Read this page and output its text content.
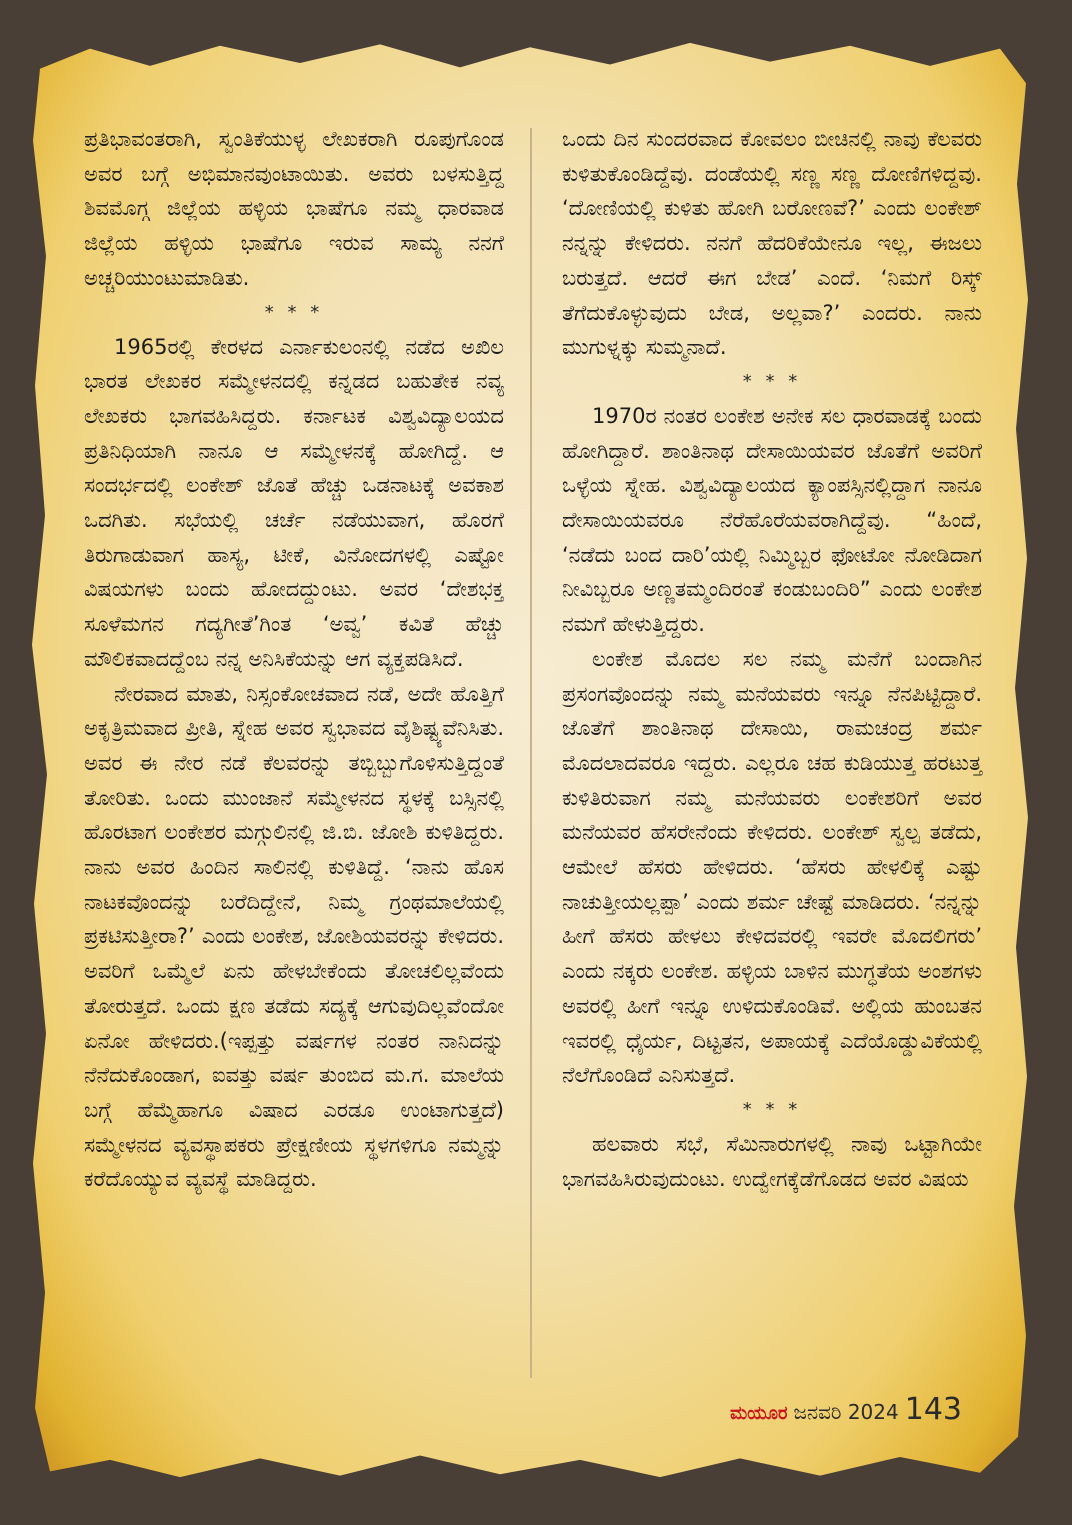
ಪ್ರತಿಭಾವಂತರಾಗಿ, ಸ್ವಂತಿಕೆಯುಳ್ಳ ಲೇಖಕರಾಗಿ ರೂಪುಗೊಂಡ ಅವರ ಬಗ್ಗೆ ಅಭಿಮಾನವುಂಟಾಯಿತು. ಅವರು ಬಳಸುತ್ತಿದ್ದ ಶಿವಮೊಗ್ಗ ಜಿಲ್ಲೆಯ ಹಳ್ಳಿಯ ಭಾಷೆಗೂ ನಮ್ಮ ಧಾರವಾಡ ಜಿಲ್ಲೆಯ ಹಳ್ಳಿಯ ಭಾಷೆಗೂ ಇರುವ ಸಾಮ್ಯ ನನಗೆ ಅಚ್ಚರಿಯುಂಟುಮಾಡಿತು.

* * *

1965ರಲ್ಲಿ ಕೇರಳದ ಎರ್ನಾಕುಲಂನಲ್ಲಿ ನಡೆದ ಅಖಿಲ ಭಾರತ ಲೇಖಕರ ಸಮ್ಮೇಳನದಲ್ಲಿ ಕನ್ನಡದ ಬಹುತೇಕ ನವ್ಯ ಲೇಖಕರು ಭಾಗವಹಿಸಿದ್ದರು. ಕರ್ನಾಟಕ ವಿಶ್ವವಿದ್ಯಾಲಯದ ಪ್ರತಿನಿಧಿಯಾಗಿ ನಾನೂ ಆ ಸಮ್ಮೇಳನಕ್ಕೆ ಹೋಗಿದ್ದೆ. ಆ ಸಂದರ್ಭದಲ್ಲಿ ಲಂಕೇಶ್ ಜೊತೆ ಹೆಚ್ಚು ಒಡನಾಟಕ್ಕೆ ಅವಕಾಶ ಒದಗಿತು. ಸಭೆಯಲ್ಲಿ ಚರ್ಚೆ ನಡೆಯುವಾಗ, ಹೊರಗೆ ತಿರುಗಾಡುವಾಗ ಹಾಸ್ಯ, ಟೀಕೆ, ವಿನೋದಗಳಲ್ಲಿ ಎಷ್ಟೋ ವಿಷಯಗಳು ಬಂದು ಹೋದದ್ದುಂಟು. ಅವರ ‘ದೇಶಭಕ್ತ ಸೂಳೆಮಗನ ಗದ್ಯಗೀತೆ’ಗಿಂತ ‘ಅವ್ವ’ ಕವಿತೆ ಹೆಚ್ಚು ಮೌಲಿಕವಾದದ್ದೆಂಬ ನನ್ನ ಅನಿಸಿಕೆಯನ್ನು ಆಗ ವ್ಯಕ್ತಪಡಿಸಿದೆ.

ನೇರವಾದ ಮಾತು, ನಿಸ್ಸಂಕೋಚವಾದ ನಡೆ, ಅದೇ ಹೊತ್ತಿಗೆ ಅಕೃತ್ರಿಮವಾದ ಪ್ರೀತಿ, ಸ್ನೇಹ ಅವರ ಸ್ವಭಾವದ ವೈಶಿಷ್ಟ್ಯವೆನಿಸಿತು. ಅವರ ಈ ನೇರ ನಡೆ ಕೆಲವರನ್ನು ತಬ್ಬಿಬ್ಬುಗೊಳಿಸುತ್ತಿದ್ದಂತೆ ತೋರಿತು. ಒಂದು ಮುಂಜಾನೆ ಸಮ್ಮೇಳನದ ಸ್ಥಳಕ್ಕೆ ಬಸ್ಸಿನಲ್ಲಿ ಹೊರಟಾಗ ಲಂಕೇಶರ ಮಗ್ಗುಲಿನಲ್ಲಿ ಜಿ.ಬಿ. ಜೋಶಿ ಕುಳಿತಿದ್ದರು. ನಾನು ಅವರ ಹಿಂದಿನ ಸಾಲಿನಲ್ಲಿ ಕುಳಿತಿದ್ದೆ. ‘ನಾನು ಹೊಸ ನಾಟಕವೊಂದನ್ನು ಬರೆದಿದ್ದೇನೆ, ನಿಮ್ಮ ಗ್ರಂಥಮಾಲೆಯಲ್ಲಿ ಪ್ರಕಟಿಸುತ್ತೀರಾ?’ ಎಂದು ಲಂಕೇಶ, ಜೋಶಿಯವರನ್ನು ಕೇಳಿದರು. ಅವರಿಗೆ ಒಮ್ಮೆಲೆ ಏನು ಹೇಳಬೇಕೆಂದು ತೋಚಲಿಲ್ಲವೆಂದು ತೋರುತ್ತದೆ. ಒಂದು ಕ್ಷಣ ತಡೆದು ಸದ್ಯಕ್ಕೆ ಆಗುವುದಿಲ್ಲವೆಂದೋ ಏನೋ ಹೇಳಿದರು.(ಇಪ್ಪತ್ತು ವರ್ಷಗಳ ನಂತರ ನಾನಿದನ್ನು ನೆನೆದುಕೊಂಡಾಗ, ಐವತ್ತು ವರ್ಷ ತುಂಬಿದ ಮ.ಗ. ಮಾಲೆಯ ಬಗ್ಗೆ ಹೆಮ್ಮೆಹಾಗೂ ವಿಷಾದ ಎರಡೂ ಉಂಟಾಗುತ್ತದೆ) ಸಮ್ಮೇಳನದ ವ್ಯವಸ್ಥಾಪಕರು ಪ್ರೇಕ್ಷಣೀಯ ಸ್ಥಳಗಳಿಗೂ ನಮ್ಮನ್ನು ಕರೆದೊಯ್ಯುವ ವ್ಯವಸ್ಥೆ ಮಾಡಿದ್ದರು.

ಒಂದು ದಿನ ಸುಂದರವಾದ ಕೋವಲಂ ಬೀಚಿನಲ್ಲಿ ನಾವು ಕೆಲವರು ಕುಳಿತುಕೊಂಡಿದ್ದೆವು. ದಂಡೆಯಲ್ಲಿ ಸಣ್ಣ ಸಣ್ಣ ದೋಣಿಗಳಿದ್ದವು. ‘ದೋಣಿಯಲ್ಲಿ ಕುಳಿತು ಹೋಗಿ ಬರೋಣವೆ?’ ಎಂದು ಲಂಕೇಶ್ ನನ್ನನ್ನು ಕೇಳಿದರು. ನನಗೆ ಹೆದರಿಕೆಯೇನೂ ಇಲ್ಲ, ಈಜಲು ಬರುತ್ತದೆ. ಆದರೆ ಈಗ ಬೇಡ’ ಎಂದೆ. ‘ನಿಮಗೆ ರಿಸ್ಕ್ ತೆಗೆದುಕೊಳ್ಳುವುದು ಬೇಡ, ಅಲ್ಲವಾ?’ ಎಂದರು. ನಾನು ಮುಗುಳ್ನಕ್ಕು ಸುಮ್ಮನಾದೆ.

* * *

1970ರ ನಂತರ ಲಂಕೇಶ ಅನೇಕ ಸಲ ಧಾರವಾಡಕ್ಕೆ ಬಂದು ಹೋಗಿದ್ದಾರೆ. ಶಾಂತಿನಾಥ ದೇಸಾಯಿಯವರ ಜೊತೆಗೆ ಅವರಿಗೆ ಒಳ್ಳೆಯ ಸ್ನೇಹ. ವಿಶ್ವವಿದ್ಯಾಲಯದ ಕ್ಯಾಂಪಸ್ಸಿನಲ್ಲಿದ್ದಾಗ ನಾನೂ ದೇಸಾಯಿಯವರೂ ನೆರೆಹೊರೆಯವರಾಗಿದ್ದೆವು. “ಹಿಂದೆ, ‘ನಡೆದು ಬಂದ ದಾರಿ’ಯಲ್ಲಿ ನಿಮ್ಮಿಬ್ಬರ ಫೋಟೋ ನೋಡಿದಾಗ ನೀವಿಬ್ಬರೂ ಅಣ್ಣತಮ್ಮಂದಿರಂತೆ ಕಂಡುಬಂದಿರಿ” ಎಂದು ಲಂಕೇಶ ನಮಗೆ ಹೇಳುತ್ತಿದ್ದರು.

ಲಂಕೇಶ ಮೊದಲ ಸಲ ನಮ್ಮ ಮನೆಗೆ ಬಂದಾಗಿನ ಪ್ರಸಂಗವೊಂದನ್ನು ನಮ್ಮ ಮನೆಯವರು ಇನ್ನೂ ನೆನಪಿಟ್ಟಿದ್ದಾರೆ. ಜೊತೆಗೆ ಶಾಂತಿನಾಥ ದೇಸಾಯಿ, ರಾಮಚಂದ್ರ ಶರ್ಮ ಮೊದಲಾದವರೂ ಇದ್ದರು. ಎಲ್ಲರೂ ಚಹ ಕುಡಿಯುತ್ತ ಹರಟುತ್ತ ಕುಳಿತಿರುವಾಗ ನಮ್ಮ ಮನೆಯವರು ಲಂಕೇಶರಿಗೆ ಅವರ ಮನೆಯವರ ಹೆಸರೇನೆಂದು ಕೇಳಿದರು. ಲಂಕೇಶ್ ಸ್ವಲ್ಪ ತಡೆದು, ಆಮೇಲೆ ಹೆಸರು ಹೇಳಿದರು. ‘ಹೆಸರು ಹೇಳಲಿಕ್ಕೆ ಎಷ್ಟು ನಾಚುತ್ತೀಯಲ್ಲಪ್ಪಾ’ ಎಂದು ಶರ್ಮ ಚೇಷ್ಟೆ ಮಾಡಿದರು. ‘ನನ್ನನ್ನು ಹೀಗೆ ಹೆಸರು ಹೇಳಲು ಕೇಳಿದವರಲ್ಲಿ ಇವರೇ ಮೊದಲಿಗರು’ ಎಂದು ನಕ್ಕರು ಲಂಕೇಶ. ಹಳ್ಳಿಯ ಬಾಳಿನ ಮುಗ್ಧತೆಯ ಅಂಶಗಳು ಅವರಲ್ಲಿ ಹೀಗೆ ಇನ್ನೂ ಉಳಿದುಕೊಂಡಿವೆ. ಅಲ್ಲಿಯ ಹುಂಬತನ ಇವರಲ್ಲಿ ಧೈರ್ಯ, ದಿಟ್ಟತನ, ಅಪಾಯಕ್ಕೆ ಎದೆಯೊಡ್ಡುವಿಕೆಯಲ್ಲಿ ನೆಲೆಗೊಂಡಿದೆ ಎನಿಸುತ್ತದೆ.

* * *

ಹಲವಾರು ಸಭೆ, ಸೆಮಿನಾರುಗಳಲ್ಲಿ ನಾವು ಒಟ್ಟಾಗಿಯೇ ಭಾಗವಹಿಸಿರುವುದುಂಟು. ಉದ್ವೇಗಕ್ಕೆಡೆಗೊಡದ ಅವರ ವಿಷಯ

ಮಯೂರ ಜನವರಿ 2024 143
